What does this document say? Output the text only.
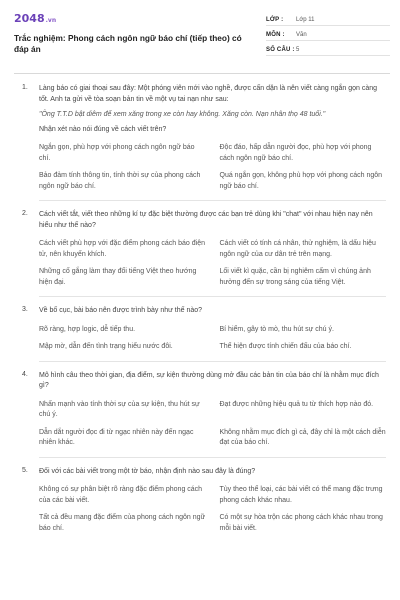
2048.vn
Trắc nghiệm: Phong cách ngôn ngữ báo chí (tiếp theo) có đáp án
LỚP :	Lớp 11
MÔN :	Văn
SỐ CÂU : 5
1. Làng báo có giai thoại sau đây: Một phóng viên mới vào nghề, được cấn dặn là nên viết càng ngắn gọn càng tốt. Anh ta gửi về tòa soạn bản tin về một vụ tai nạn như sau:
"Ông T.T.D bật diêm để xem xăng trong xe còn hay không. Xăng còn. Nạn nhân thọ 48 tuổi."
Nhận xét nào nói đúng về cách viết trên?
Ngắn gọn, phù hợp với phong cách ngôn ngữ báo chí.
Độc đáo, hấp dẫn người đọc, phù hợp với phong cách ngôn ngữ báo chí.
Bảo đảm tính thông tin, tính thời sự của phong cách ngôn ngữ báo chí.
Quá ngắn gọn, không phù hợp với phong cách ngôn ngữ báo chí.
2. Cách viết tắt, viết theo những kí tự đặc biệt thường được các bạn trẻ dùng khi "chat" với nhau hiện nay nên hiểu như thế nào?
Cách viết phù hợp với đặc điểm phong cách báo điện tử, nên khuyến khích.
Cách viết có tính cá nhân, thử nghiệm, là dấu hiệu ngôn ngữ của cư dân trẻ trên mạng.
Những cố gắng làm thay đổi tiếng Việt theo hướng hiện đại.
Lối viết kì quặc, cần bị nghiêm cấm vì chúng ảnh hưởng đến sự trong sáng của tiếng Việt.
3. Về bố cục, bài báo nên được trình bày như thế nào?
Rõ ràng, hợp logic, dễ tiếp thu.	Bí hiểm, gây tò mò, thu hút sự chú ý.
Mập mờ, dẫn đến tình trạng hiểu nước đôi.	Thể hiện được tính chiến đấu của báo chí.
4. Mô hình câu theo thời gian, địa điểm, sự kiện thường dùng mở đầu các bản tin của báo chí là nhằm mục đích gì?
Nhấn mạnh vào tính thời sự của sự kiện, thu hút sự chú ý.
Đạt được những hiệu quả tu từ thích hợp nào đó.
Dẫn dắt người đọc đi từ ngạc nhiên này đến ngạc nhiên khác.
Không nhằm mục đích gì cả, đây chỉ là một cách diễn đạt của báo chí.
5. Đối với các bài viết trong một tờ báo, nhận định nào sau đây là đúng?
Không có sự phân biệt rõ ràng đặc điểm phong cách của các bài viết.
Tùy theo thể loại, các bài viết có thể mang đặc trưng phong cách khác nhau.
Tất cả đều mang đặc điểm của phong cách ngôn ngữ báo chí.
Có một sự hòa trộn các phong cách khác nhau trong mỗi bài viết.
